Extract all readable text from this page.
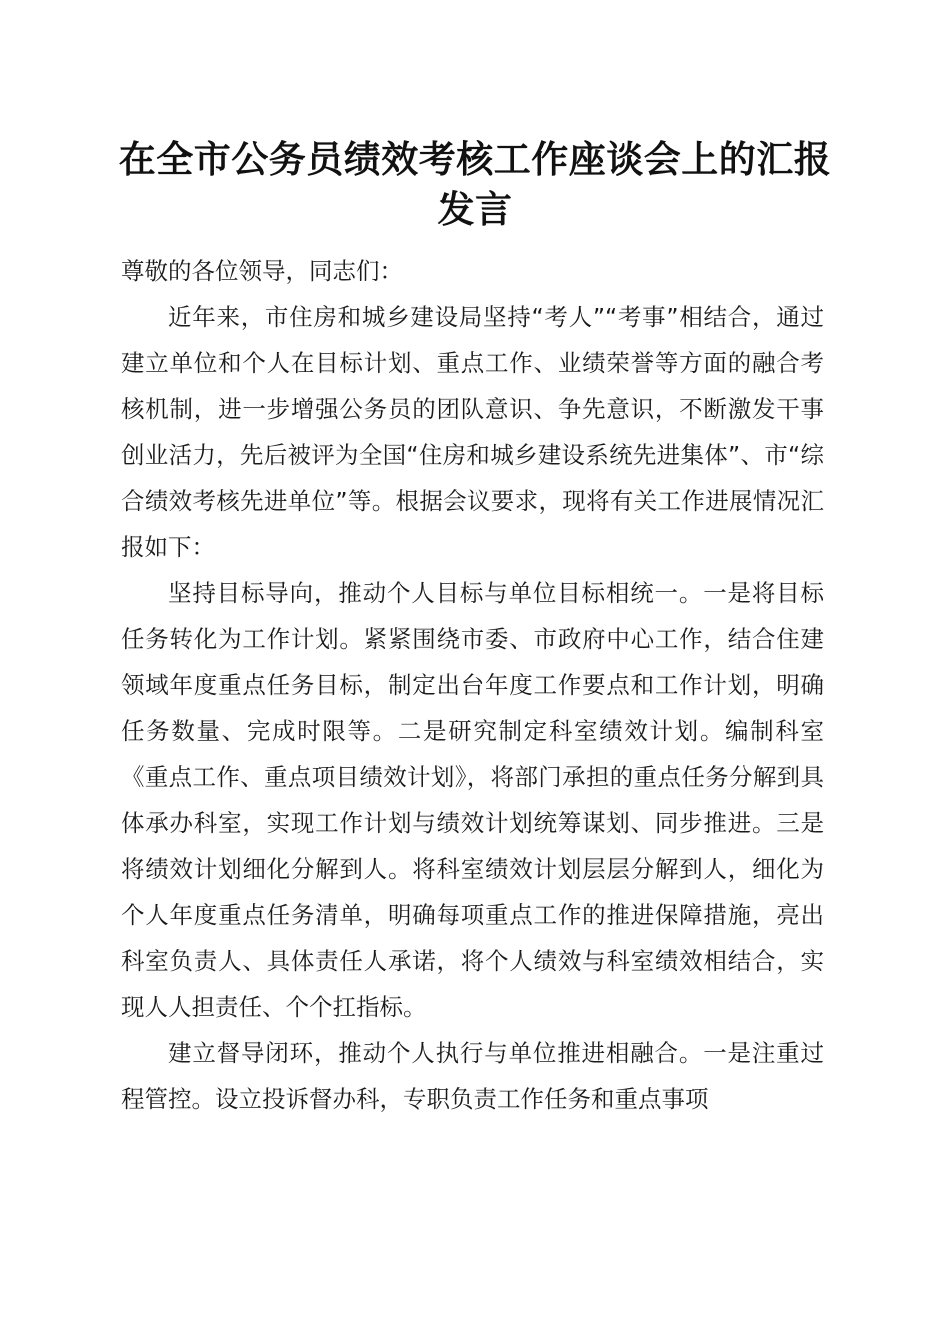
在全市公务员绩效考核工作座谈会上的汇报发言

尊敬的各位领导，同志们：

近年来，市住房和城乡建设局坚持“考人”“考事”相结合，通过建立单位和个人在目标计划、重点工作、业绩荣誉等方面的融合考核机制，进一步增强公务员的团队意识、争先意识，不断激发干事创业活力，先后被评为全国“住房和城乡建设系统先进集体”、市“综合绩效考核先进单位”等。根据会议要求，现将有关工作进展情况汇报如下：

坚持目标导向，推动个人目标与单位目标相统一。一是将目标任务转化为工作计划。紧紧围绕市委、市政府中心工作，结合住建领域年度重点任务目标，制定出台年度工作要点和工作计划，明确任务数量、完成时限等。二是研究制定科室绩效计划。编制科室《重点工作、重点项目绩效计划》，将部门承担的重点任务分解到具体承办科室，实现工作计划与绩效计划统筹谋划、同步推进。三是将绩效计划细化分解到人。将科室绩效计划层层分解到人，细化为个人年度重点任务清单，明确每项重点工作的推进保障措施，亮出科室负责人、具体责任人承诺，将个人绩效与科室绩效相结合，实现人人担责任、个个扛指标。

建立督导闭环，推动个人执行与单位推进相融合。一是注重过程管控。设立投诉督办科，专职负责工作任务和重点事项
